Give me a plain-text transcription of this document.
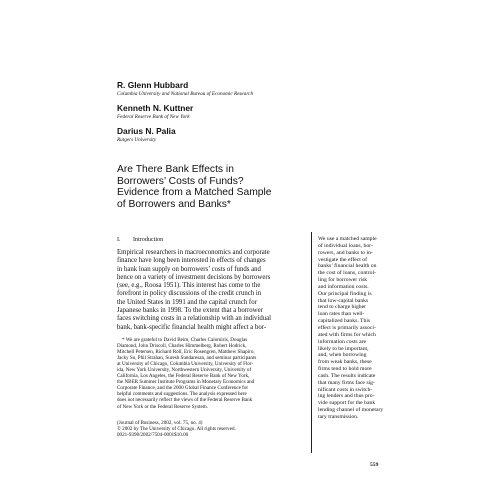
R. Glenn Hubbard
Columbia University and National Bureau of Economic Research
Kenneth N. Kuttner
Federal Reserve Bank of New York
Darius N. Palia
Rutgers University
Are There Bank Effects in
Borrowers’ Costs of Funds?
Evidence from a Matched Sample
of Borrowers and Banks*
I. Introduction
Empirical researchers in macroeconomics and corporate
finance have long been interested in effects of changes
in bank loan supply on borrowers’ costs of funds and
hence on a variety of investment decisions by borrowers
(see, e.g., Roosa 1951). This interest has come to the
forefront in policy discussions of the credit crunch in
the United States in 1991 and the capital crunch for
Japanese banks in 1998. To the extent that a borrower
faces switching costs in a relationship with an individual
bank, bank-specific financial health might affect a bor-
* We are grateful to David Beim, Charles Calomiris, Douglas
Diamond, John Driscoll, Charles Himmelberg, Robert Hodrick,
Mitchell Petersen, Richard Roll, Eric Rosengren, Matthew Shapiro,
Jacky So, Phil Strahan, Suresh Sundaresan, and seminar participants
at University of Chicago, Columbia University, University of Flor-
ida, New York University, Northwestern University, University of
California, Los Angeles, the Federal Reserve Bank of New York,
the NBER Summer Institute Programs in Monetary Economics and
Corporate Finance, and the 2000 Global Finance Conference for
helpful comments and suggestions. The analysis expressed here
does not necessarily reflect the views of the Federal Reserve Bank
of New York or the Federal Reserve System.
(Journal of Business, 2002, vol. 75, no. 4)
© 2002 by The University of Chicago. All rights reserved.
0021-9398/2002/7504-0001$10.00
We use a matched sample
of individual loans, bor-
rowers, and banks to in-
vestigate the effect of
banks’ financial health on
the cost of loans, control-
ling for borrower risk
and information costs.
Our principal finding is
that low-capital banks
tend to charge higher
loan rates than well-
capitalized banks. This
effect is primarily associ-
ated with firms for which
information costs are
likely to be important,
and, when borrowing
from weak banks, these
firms tend to hold more
cash. The results indicate
that many firms face sig-
nificant costs in switch-
ing lenders and thus pro-
vide support for the bank
lending channel of monetary
tary transmission.
559
